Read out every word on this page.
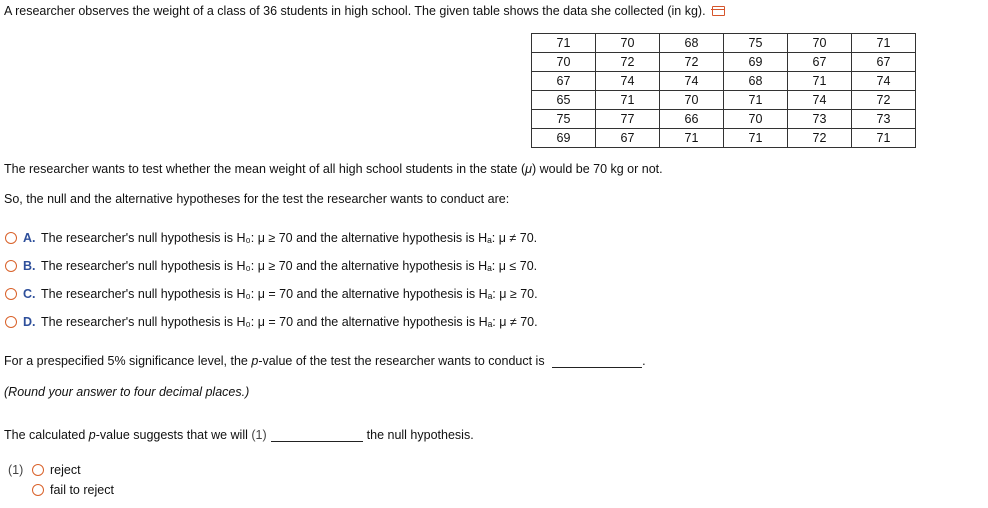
A researcher observes the weight of a class of 36 students in high school. The given table shows the data she collected (in kg).
71	70	68	75	70	71
70	72	72	69	67	67
67	74	74	68	71	74
65	71	70	71	74	72
75	77	66	70	73	73
69	67	71	71	72	71
The researcher wants to test whether the mean weight of all high school students in the state (μ) would be 70 kg or not.
So, the null and the alternative hypotheses for the test the researcher wants to conduct are:
A. The researcher's null hypothesis is H₀: μ ≥ 70 and the alternative hypothesis is Hₐ: μ ≠ 70.
B. The researcher's null hypothesis is H₀: μ ≥ 70 and the alternative hypothesis is Hₐ: μ ≤ 70.
C. The researcher's null hypothesis is H₀: μ = 70 and the alternative hypothesis is Hₐ: μ ≥ 70.
D. The researcher's null hypothesis is H₀: μ = 70 and the alternative hypothesis is Hₐ: μ ≠ 70.
For a prespecified 5% significance level, the p-value of the test the researcher wants to conduct is	.
(Round your answer to four decimal places.)
The calculated p-value suggests that we will (1)	the null hypothesis.
(1) reject
fail to reject
